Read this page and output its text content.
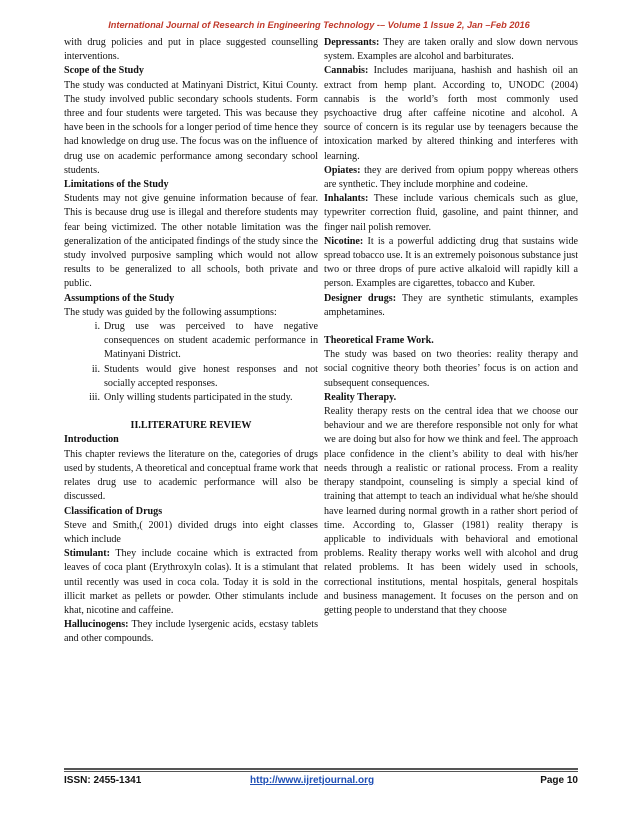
International Journal of Research in Engineering Technology -– Volume 1 Issue 2, Jan –Feb 2016

with drug policies and put in place suggested counselling interventions.

Scope of the Study

The study was conducted at Matinyani District, Kitui County. The study involved public secondary schools students. Form three and four students were targeted. This was because they have been in the schools for a longer period of time hence they had knowledge on drug use. The focus was on the influence of drug use on academic performance among secondary school students.

Limitations of the Study

Students may not give genuine information because of fear. This is because drug use is illegal and therefore students may fear being victimized. The other notable limitation was the generalization of the anticipated findings of the study since the study involved purposive sampling which would not allow results to be generalized to all schools, both private and public.

Assumptions of the Study

The study was guided by the following assumptions:

i. Drug use was perceived to have negative consequences on student academic performance in Matinyani District.
ii. Students would give honest responses and not socially accepted responses.
iii. Only willing students participated in the study.

II.LITERATURE REVIEW

Introduction

This chapter reviews the literature on the, categories of drugs used by students, A theoretical and conceptual frame work that relates drug use to academic performance will also be discussed.

Classification of Drugs

Steve and Smith,( 2001) divided drugs into eight classes which include

Stimulant: They include cocaine which is extracted from leaves of coca plant (Erythroxyln colas). It is a stimulant that until recently was used in coca cola. Today it is sold in the illicit market as pellets or powder. Other stimulants include khat, nicotine and caffeine.

Hallucinogens: They include lysergenic acids, ecstasy tablets and other compounds.

Depressants: They are taken orally and slow down nervous system. Examples are alcohol and barbiturates.

Cannabis: Includes marijuana, hashish and hashish oil an extract from hemp plant. According to, UNODC (2004) cannabis is the world’s forth most commonly used psychoactive drug after caffeine nicotine and alcohol. A source of concern is its regular use by teenagers because the intoxication marked by altered thinking and interferes with learning.

Opiates: they are derived from opium poppy whereas others are synthetic. They include morphine and codeine.

Inhalants: These include various chemicals such as glue, typewriter correction fluid, gasoline, and paint thinner, and finger nail polish remover.

Nicotine: It is a powerful addicting drug that sustains wide spread tobacco use. It is an extremely poisonous substance just two or three drops of pure active alkaloid will rapidly kill a person. Examples are cigarettes, tobacco and Kuber.

Designer drugs: They are synthetic stimulants, examples amphetamines.

Theoretical Frame Work.

The study was based on two theories: reality therapy and social cognitive theory both theories’ focus is on action and subsequent consequences.

Reality Therapy.

Reality therapy rests on the central idea that we choose our behaviour and we are therefore responsible not only for what we are doing but also for how we think and feel. The approach place confidence in the client’s ability to deal with his/her needs through a realistic or rational process. From a reality therapy standpoint, counseling is simply a special kind of training that attempt to teach an individual what he/she should have learned during normal growth in a rather short period of time. According to, Glasser (1981) reality therapy is applicable to individuals with behavioral and emotional problems. Reality therapy works well with alcohol and drug related problems. It has been widely used in schools, correctional institutions, mental hospitals, general hospitals and business management. It focuses on the person and on getting people to understand that they choose

ISSN: 2455-1341	http://www.ijretjournal.org	Page 10
